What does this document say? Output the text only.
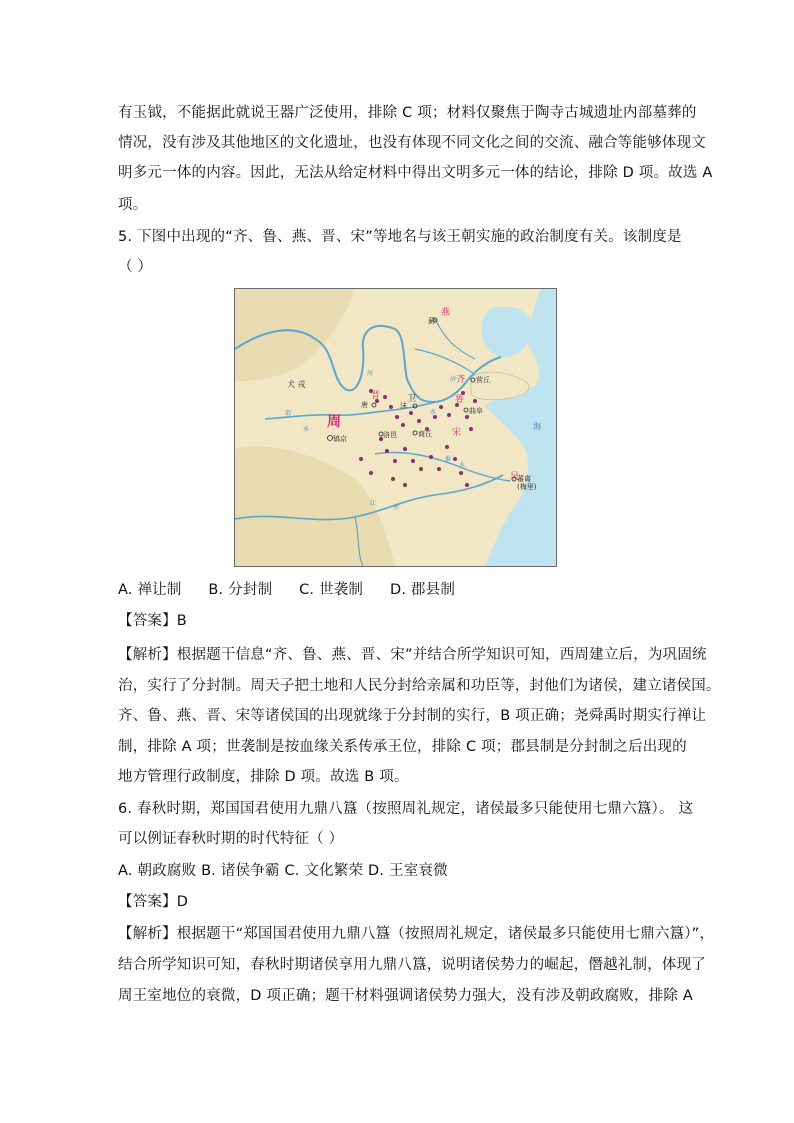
有玉钺，不能据此就说王器广泛使用，排除 C 项；材料仅聚焦于陶寺古城遗址内部墓葬的
情况，没有涉及其他地区的文化遗址，也没有体现不同文化之间的交流、融合等能够体现文
明多元一体的内容。因此，无法从给定材料中得出文明多元一体的结论，排除 D 项。故选 A
项。
5. 下图中出现的“齐、鲁、燕、晋、宋”等地名与该王朝实施的政治制度有关。该制度是
（ ）
燕
齐
鲁
晋
宋
吴
卫
周
蓟
营丘
曲阜
唐	沬
商丘
洛邑
镐京
(梅里)
蕃离
犬 戎
河
济
水
渭
水
淮
水
江
水
海
A. 禅让制 B. 分封制 C. 世袭制 D. 郡县制
【答案】B
【解析】根据题干信息“齐、鲁、燕、晋、宋”并结合所学知识可知，西周建立后，为巩固统
治，实行了分封制。周天子把土地和人民分封给亲属和功臣等，封他们为诸侯，建立诸侯国。
齐、鲁、燕、晋、宋等诸侯国的出现就缘于分封制的实行，B 项正确；尧舜禹时期实行禅让
制，排除 A 项；世袭制是按血缘关系传承王位，排除 C 项；郡县制是分封制之后出现的
地方管理行政制度，排除 D 项。故选 B 项。
6. 春秋时期，郑国国君使用九鼎八簋（按照周礼规定，诸侯最多只能使用七鼎六簋）。 这
可以例证春秋时期的时代特征（ ）
A. 朝政腐败 B. 诸侯争霸 C. 文化繁荣 D. 王室衰微
【答案】D
【解析】根据题干“郑国国君使用九鼎八簋（按照周礼规定，诸侯最多只能使用七鼎六簋）”，
结合所学知识可知，春秋时期诸侯享用九鼎八簋，说明诸侯势力的崛起，僭越礼制，体现了
周王室地位的衰微，D 项正确；题干材料强调诸侯势力强大，没有涉及朝政腐败，排除 A
